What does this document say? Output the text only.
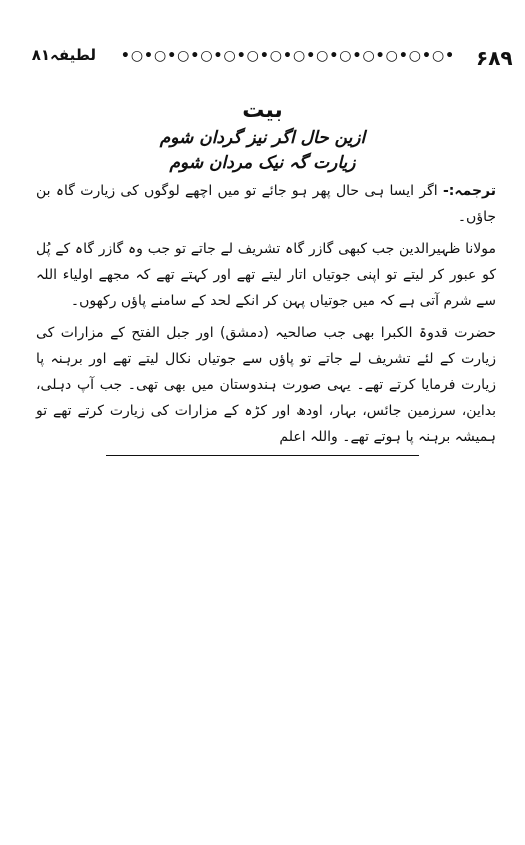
۶۸۹
•○•○•○•○•○•○•○•○•○•○•○•○•○•○•
لطیفہ۸۱
بیت
ازین حال اگر نیز گردان شوم
زیارت گہ نیک مردان شوم

ترجمہ:- اگر ایسا ہی حال پھر ہو جائے تو میں اچھے لوگوں کی زیارت گاہ بن جاؤں۔

مولانا ظہیرالدین جب کبھی گازر گاہ تشریف لے جاتے تو جب وہ گازر گاہ کے پُل کو عبور کر لیتے تو اپنی جوتیاں اتار لیتے تھے اور کہتے تھے کہ مجھے اولیاء اللہ سے شرم آتی ہے کہ میں جوتیاں پہن کر انکے لحد کے سامنے پاؤں رکھوں۔

حضرت قدوۃ الکبرا بھی جب صالحیہ (دمشق) اور جبل الفتح کے مزارات کی زیارت کے لئے تشریف لے جاتے تو پاؤں سے جوتیاں نکال لیتے تھے اور برہنہ پا زیارت فرمایا کرتے تھے۔ یہی صورت ہندوستان میں بھی تھی۔ جب آپ دہلی، بداین، سرزمین جائس، بہار، اودھ اور کڑہ کے مزارات کی زیارت کرتے تھے تو ہمیشہ برہنہ پا ہوتے تھے۔ واللہ اعلم
